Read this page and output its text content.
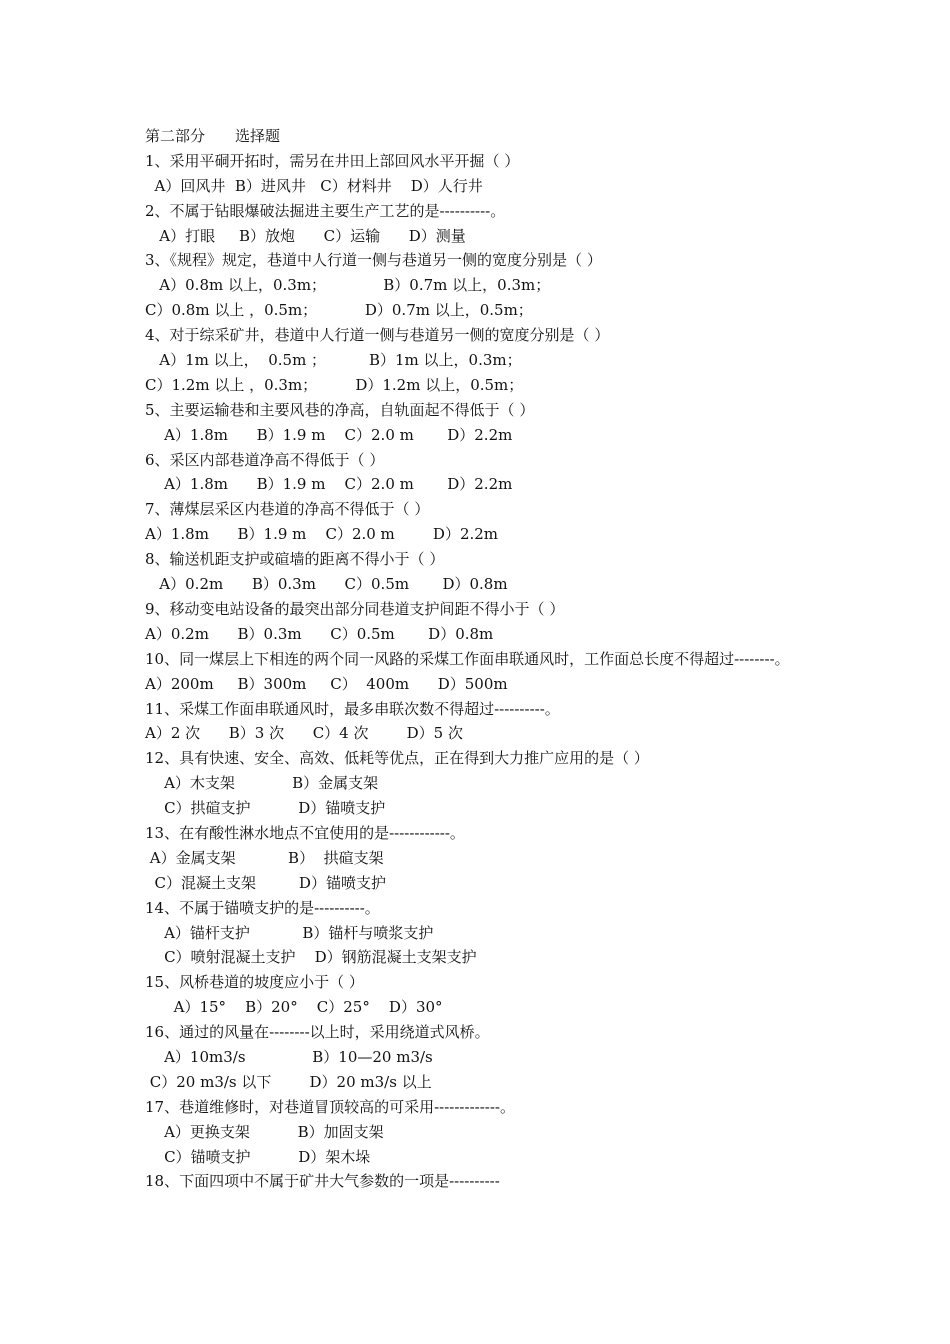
第二部分　　选择题
1、采用平硐开拓时，需另在井田上部回风水平开掘（ ）
A）回风井  B）进风井   C）材料井    D）人行井
2、不属于钻眼爆破法掘进主要生产工艺的是----------。
A）打眼     B）放炮      C）运输      D）测量
3、《规程》规定，巷道中人行道一侧与巷道另一侧的宽度分别是（ ）
A）0.8m 以上，0.3m；            B）0.7m 以上，0.3m；
C）0.8m 以上 ，0.5m；          D）0.7m 以上，0.5m；
4、对于综采矿井，巷道中人行道一侧与巷道另一侧的宽度分别是（ ）
A）1m 以上，  0.5m ；         B）1m 以上，0.3m；
C）1.2m 以上 ，0.3m；        D）1.2m 以上，0.5m；
5、主要运输巷和主要风巷的净高，自轨面起不得低于（ ）
A）1.8m      B）1.9 m    C）2.0 m       D）2.2m
6、采区内部巷道净高不得低于（ ）
A）1.8m      B）1.9 m    C）2.0 m       D）2.2m
7、薄煤层采区内巷道的净高不得低于（ ）
A）1.8m      B）1.9 m    C）2.0 m        D）2.2m
8、输送机距支护或碹墙的距离不得小于（ ）
A）0.2m      B）0.3m      C）0.5m       D）0.8m
9、移动变电站设备的最突出部分同巷道支护间距不得小于（ ）
A）0.2m      B）0.3m      C）0.5m       D）0.8m
10、同一煤层上下相连的两个同一风路的采煤工作面串联通风时，工作面总长度不得超过--------。
A）200m     B）300m     C）  400m      D）500m
11、采煤工作面串联通风时，最多串联次数不得超过----------。
A）2 次      B）3 次      C）4 次        D）5 次
12、具有快速、安全、高效、低耗等优点，正在得到大力推广应用的是（ ）
A）木支架            B）金属支架
C）拱碹支护          D）锚喷支护
13、在有酸性淋水地点不宜使用的是------------。
A）金属支架           B）  拱碹支架
C）混凝土支架         D）锚喷支护
14、不属于锚喷支护的是----------。
A）锚杆支护           B）锚杆与喷浆支护
C）喷射混凝土支护    D）钢筋混凝土支架支护
15、风桥巷道的坡度应小于（ ）
A）15°    B）20°    C）25°    D）30°
16、通过的风量在--------以上时，采用绕道式风桥。
A）10m3/s              B）10—20 m3/s
C）20 m3/s 以下        D）20 m3/s 以上
17、巷道维修时，对巷道冒顶较高的可采用-------------。
A）更换支架          B）加固支架
C）锚喷支护          D）架木垛
18、下面四项中不属于矿井大气参数的一项是----------
